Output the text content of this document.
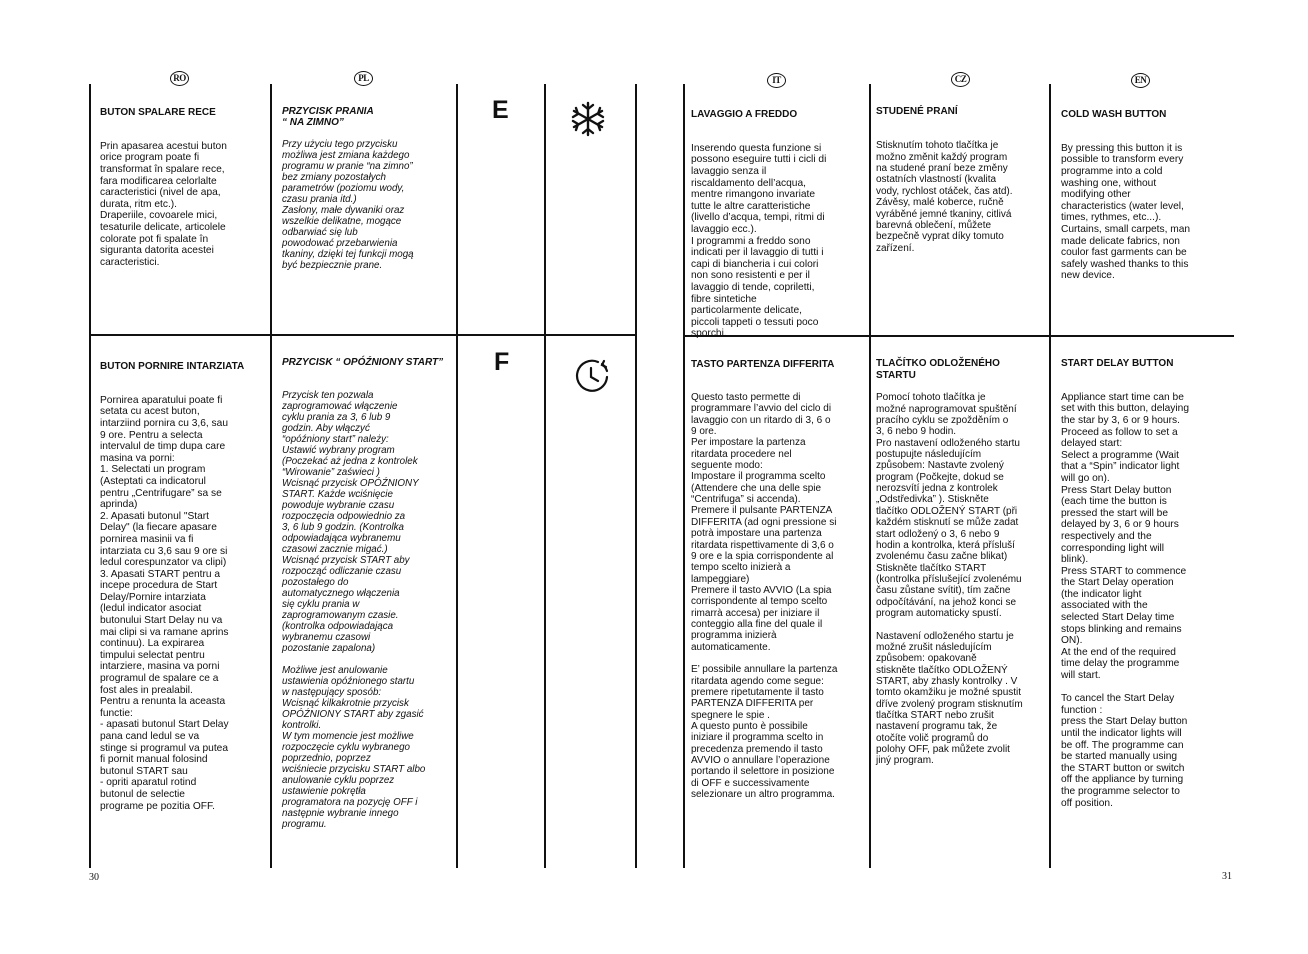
RO	PL	IT	CZ	EN

BUTON SPALARE RECE

Prin apasarea acestui buton
orice program poate fi
transformat în spalare rece,
fara modificarea celorlalte
caracteristici (nivel de apa,
durata, ritm etc.).
Draperiile, covoarele mici,
tesaturile delicate, articolele
colorate pot fi spalate în
siguranta datorita acestei
caracteristici.

PRZYCISK PRANIA
“ NA ZIMNO”

Przy użyciu tego przycisku
możliwa jest zmiana każdego
programu w pranie “na zimno”
bez zmiany pozostałych
parametrów (poziomu wody,
czasu prania itd.)
Zasłony, małe dywaniki oraz
wszelkie delikatne, mogące
odbarwiać się lub
powodować przebarwienia
tkaniny, dzięki tej funkcji mogą
być bezpiecznie prane.

E

BUTON PORNIRE INTARZIATA

Pornirea aparatului poate fi
setata cu acest buton,
intarziind pornira cu 3,6, sau
9 ore. Pentru a selecta
intervalul de timp dupa care
masina va porni:
1. Selectati un program
(Asteptati ca indicatorul
pentru „Centrifugare” sa se
aprinda)
2. Apasati butonul "Start
Delay" (la fiecare apasare
pornirea masinii va fi
intarziata cu 3,6 sau 9 ore si
ledul corespunzator va clipi)
3. Apasati START pentru a
incepe procedura de Start
Delay/Pornire intarziata
(ledul indicator asociat
butonului Start Delay nu va
mai clipi si va ramane aprins
continuu). La expirarea
timpului selectat pentru
intarziere, masina va porni
programul de spalare ce a
fost ales in prealabil.
Pentru a renunta la aceasta
functie:
- apasati butonul Start Delay
pana cand ledul se va
stinge si programul va putea
fi pornit manual folosind
butonul START sau
- opriti aparatul rotind
butonul de selectie
programe pe pozitia OFF.

PRZYCISK “ OPÓŹNIONY START”

Przycisk ten pozwala
zaprogramować włączenie
cyklu prania za 3, 6 lub 9
godzin. Aby włączyć
“opóźniony start” należy:
Ustawić wybrany program
(Poczekać aż jedna z kontrolek
“Wirowanie” zaświeci )
Wcisnąć przycisk OPÓŹNIONY
START. Każde wciśnięcie
powoduje wybranie czasu
rozpoczęcia odpowiednio za
3, 6 lub 9 godzin. (Kontrolka
odpowiadająca wybranemu
czasowi zacznie migać.)
Wcisnąć przycisk START aby
rozpocząć odliczanie czasu
pozostałego do
automatycznego włączenia
się cyklu prania w
zaprogramowanym czasie.
(kontrolka odpowiadająca
wybranemu czasowi
pozostanie zapalona)

Możliwe jest anulowanie
ustawienia opóźnionego startu
w następujący sposób:
Wcisnąć kilkakrotnie przycisk
OPÓŹNIONY START aby zgasić
kontrolki.
W tym momencie jest możliwe
rozpoczęcie cyklu wybranego
poprzednio, poprzez
wciśniecie przycisku START albo
anulowanie cyklu poprzez
ustawienie pokrętła
programatora na pozycję OFF i
następnie wybranie innego
programu.

F

LAVAGGIO A FREDDO

Inserendo questa funzione si
possono eseguire tutti i cicli di
lavaggio senza il
riscaldamento dell’acqua,
mentre rimangono invariate
tutte le altre caratteristiche
(livello d’acqua, tempi, ritmi di
lavaggio ecc.).
I programmi a freddo sono
indicati per il lavaggio di tutti i
capi di biancheria i cui colori
non sono resistenti e per il
lavaggio di tende, copriletti,
fibre sintetiche
particolarmente delicate,
piccoli tappeti o tessuti poco
sporchi.

STUDENÉ PRANÍ

Stisknutím tohoto tlačítka je
možno změnit každý program
na studené praní beze změny
ostatních vlastností (kvalita
vody, rychlost otáček, čas atd).
Závěsy, malé koberce, ručně
vyráběné jemné tkaniny, citlivá
barevná oblečení, můžete
bezpečně vyprat díky tomuto
zařízení.

COLD WASH BUTTON

By pressing this button it is
possible to transform every
programme into a cold
washing one, without
modifying other
characteristics (water level,
times, rythmes, etc...).
Curtains, small carpets, man
made delicate fabrics, non
coulor fast garments can be
safely washed thanks to this
new device.

TASTO PARTENZA DIFFERITA

Questo tasto permette di
programmare l’avvio del ciclo di
lavaggio con un ritardo di 3, 6 o
9 ore.
Per impostare la partenza
ritardata procedere nel
seguente modo:
Impostare il programma scelto
(Attendere che una delle spie
“Centrifuga” si accenda).
Premere il pulsante PARTENZA
DIFFERITA (ad ogni pressione si
potrà impostare una partenza
ritardata rispettivamente di 3,6 o
9 ore e la spia corrispondente al
tempo scelto inizierà a
lampeggiare)
Premere il tasto AVVIO (La spia
corrispondente al tempo scelto
rimarrà accesa) per iniziare il
conteggio alla fine del quale il
programma inizierà
automaticamente.

E’ possibile annullare la partenza
ritardata agendo come segue:
premere ripetutamente il tasto
PARTENZA DIFFERITA per
spegnere le spie .
A questo punto è possibile
iniziare il programma scelto in
precedenza premendo il tasto
AVVIO o annullare l’operazione
portando il selettore in posizione
di OFF e successivamente
selezionare un altro programma.

TLAČÍTKO ODLOŽENÉHO
STARTU

Pomocí tohoto tlačítka je
možné naprogramovat spuštění
pracího cyklu se zpožděním o
3, 6 nebo 9 hodin.
Pro nastavení odloženého startu
postupujte následujícím
způsobem: Nastavte zvolený
program (Počkejte, dokud se
nerozsvítí jedna z kontrolek
„Odstředivka” ). Stiskněte
tlačítko ODLOŽENÝ START (při
každém stisknutí se může zadat
start odložený o 3, 6 nebo 9
hodin a kontrolka, která přísluší
zvolenému času začne blikat)
Stiskněte tlačítko START
(kontrolka příslušející zvolenému
času zůstane svítit), tím začne
odpočítávání, na jehož konci se
program automaticky spustí.

Nastavení odloženého startu je
možné zrušit následujícím
způsobem: opakovaně
stiskněte tlačítko ODLOŽENÝ
START, aby zhasly kontrolky . V
tomto okamžiku je možné spustit
dříve zvolený program stisknutím
tlačítka START nebo zrušit
nastavení programu tak, že
otočíte volič programů do
polohy OFF, pak můžete zvolit
jiný program.

START DELAY BUTTON

Appliance start time can be
set with this button, delaying
the star by 3, 6 or 9 hours.
Proceed as follow to set a
delayed start:
Select a programme (Wait
that a “Spin” indicator light
will go on).
Press Start Delay button
(each time the button is
pressed the start will be
delayed by 3, 6 or 9 hours
respectively and the
corresponding light will
blink).
Press START to commence
the Start Delay operation
(the indicator light
associated with the
selected Start Delay time
stops blinking and remains
ON).
At the end of the required
time delay the programme
will start.

To cancel the Start Delay
function :
press the Start Delay button
until the indicator lights will
be off. The programme can
be started manually using
the START button or switch
off the appliance by turning
the programme selector to
off position.

30	31
